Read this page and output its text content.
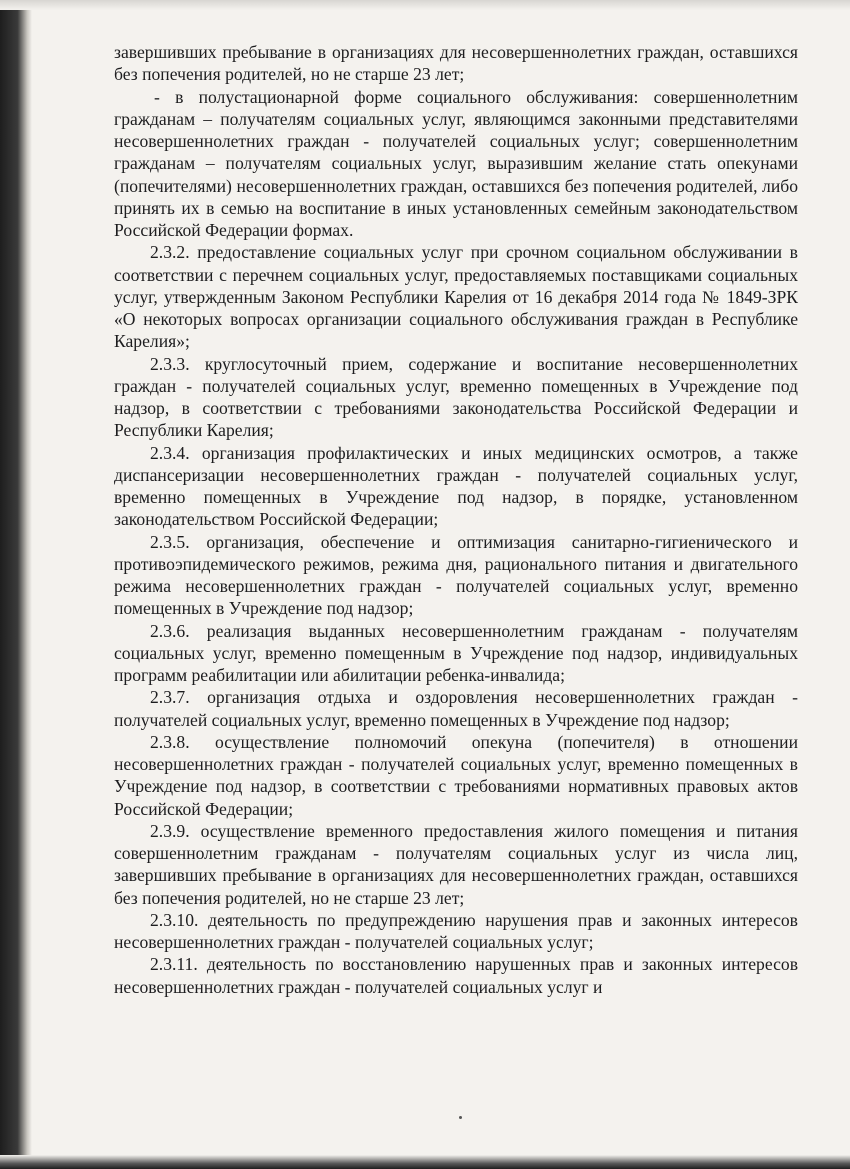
завершивших пребывание в организациях для несовершеннолетних граждан, оставшихся без попечения родителей, но не старше 23 лет;

- в полустационарной форме социального обслуживания: совершеннолетним гражданам – получателям социальных услуг, являющимся законными представителями несовершеннолетних граждан - получателей социальных услуг; совершеннолетним гражданам – получателям социальных услуг, выразившим желание стать опекунами (попечителями) несовершеннолетних граждан, оставшихся без попечения родителей, либо принять их в семью на воспитание в иных установленных семейным законодательством Российской Федерации формах.

2.3.2. предоставление социальных услуг при срочном социальном обслуживании в соответствии с перечнем социальных услуг, предоставляемых поставщиками социальных услуг, утвержденным Законом Республики Карелия от 16 декабря 2014 года № 1849-ЗРК «О некоторых вопросах организации социального обслуживания граждан в Республике Карелия»;

2.3.3. круглосуточный прием, содержание и воспитание несовершеннолетних граждан - получателей социальных услуг, временно помещенных в Учреждение под надзор, в соответствии с требованиями законодательства Российской Федерации и Республики Карелия;

2.3.4. организация профилактических и иных медицинских осмотров, а также диспансеризации несовершеннолетних граждан - получателей социальных услуг, временно помещенных в Учреждение под надзор, в порядке, установленном законодательством Российской Федерации;

2.3.5. организация, обеспечение и оптимизация санитарно-гигиенического и противоэпидемического режимов, режима дня, рационального питания и двигательного режима несовершеннолетних граждан - получателей социальных услуг, временно помещенных в Учреждение под надзор;

2.3.6. реализация выданных несовершеннолетним гражданам - получателям социальных услуг, временно помещенным в Учреждение под надзор, индивидуальных программ реабилитации или абилитации ребенка-инвалида;

2.3.7. организация отдыха и оздоровления несовершеннолетних граждан - получателей социальных услуг, временно помещенных в Учреждение под надзор;

2.3.8. осуществление полномочий опекуна (попечителя) в отношении несовершеннолетних граждан - получателей социальных услуг, временно помещенных в Учреждение под надзор, в соответствии с требованиями нормативных правовых актов Российской Федерации;

2.3.9. осуществление временного предоставления жилого помещения и питания совершеннолетним гражданам - получателям социальных услуг из числа лиц, завершивших пребывание в организациях для несовершеннолетних граждан, оставшихся без попечения родителей, но не старше 23 лет;

2.3.10. деятельность по предупреждению нарушения прав и законных интересов несовершеннолетних граждан - получателей социальных услуг;

2.3.11. деятельность по восстановлению нарушенных прав и законных интересов несовершеннолетних граждан - получателей социальных услуг и
